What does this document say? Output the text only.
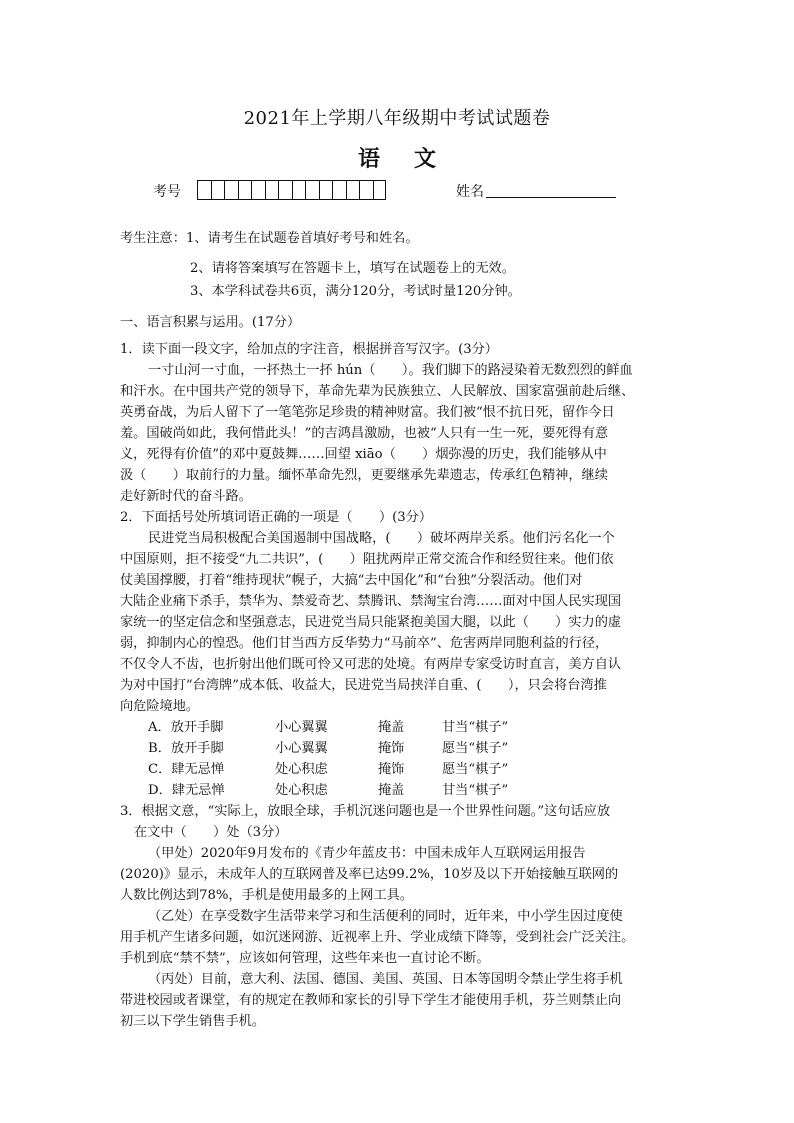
2021年上学期八年级期中考试试题卷
语文
考号	姓名
考生注意：1、请考生在试题卷首填好考号和姓名。
2、请将答案填写在答题卡上，填写在试题卷上的无效。
3、本学科试卷共6页，满分120分，考试时量120分钟。
一、语言积累与运用。(17分）
1．读下面一段文字，给加点的字注音，根据拼音写汉字。(3分）
一寸山河一寸血，一抔热土一抔 hún（　　）。我们脚下的路浸染着无数烈烈的鲜血
和汗水。在中国共产党的领导下，革命先辈为民族独立、人民解放、国家富强前赴后继、
英勇奋战，为后人留下了一笔笔弥足珍贵的精神财富。我们被“恨不抗日死，留作今日
羞。国破尚如此，我何惜此头！”的吉鸿昌激励，也被“人只有一生一死，要死得有意
义，死得有价值”的邓中夏鼓舞……回望 xiāo（　　）烟弥漫的历史，我们能够从中
汲（　　）取前行的力量。缅怀革命先烈，更要继承先辈遗志，传承红色精神，继续
走好新时代的奋斗路。
2．下面括号处所填词语正确的一项是（　　）(3分）
民进党当局积极配合美国遏制中国战略，(　　）破坏两岸关系。他们污名化一个
中国原则，拒不接受“九二共识”，(　　）阻扰两岸正常交流合作和经贸往来。他们依
仗美国撑腰，打着“维持现状”幌子，大搞“去中国化”和“台独”分裂活动。他们对
大陆企业痛下杀手，禁华为、禁爱奇艺、禁腾讯、禁淘宝台湾……面对中国人民实现国
家统一的坚定信念和坚强意志，民进党当局只能紧抱美国大腿，以此（　　）实力的虚
弱，抑制内心的惶恐。他们甘当西方反华势力“马前卒”、危害两岸同胞利益的行径，
不仅令人不齿，也折射出他们既可怜又可悲的处境。有两岸专家受访时直言，美方自认
为对中国打“台湾牌”成本低、收益大，民进党当局挟洋自重、(　　），只会将台湾推
向危险境地。
A．放开手脚	小心翼翼	掩盖	甘当“棋子”
B．放开手脚	小心翼翼	掩饰	愿当“棋子”
C．肆无忌惮	处心积虑	掩饰	愿当“棋子”
D．肆无忌惮	处心积虑	掩盖	甘当“棋子”
3．根据文意，“实际上，放眼全球，手机沉迷问题也是一个世界性问题。”这句话应放
在文中（　　）处（3分）
（甲处）2020年9月发布的《青少年蓝皮书：中国未成年人互联网运用报告
(2020)》显示，未成年人的互联网普及率已达99.2%，10岁及以下开始接触互联网的
人数比例达到78%，手机是使用最多的上网工具。
（乙处）在享受数字生活带来学习和生活便利的同时，近年来，中小学生因过度使
用手机产生诸多问题，如沉迷网游、近视率上升、学业成绩下降等，受到社会广泛关注。
手机到底“禁不禁”，应该如何管理，这些年来也一直讨论不断。
（丙处）目前，意大利、法国、德国、美国、英国、日本等国明令禁止学生将手机
带进校园或者课堂，有的规定在教师和家长的引导下学生才能使用手机，芬兰则禁止向
初三以下学生销售手机。
